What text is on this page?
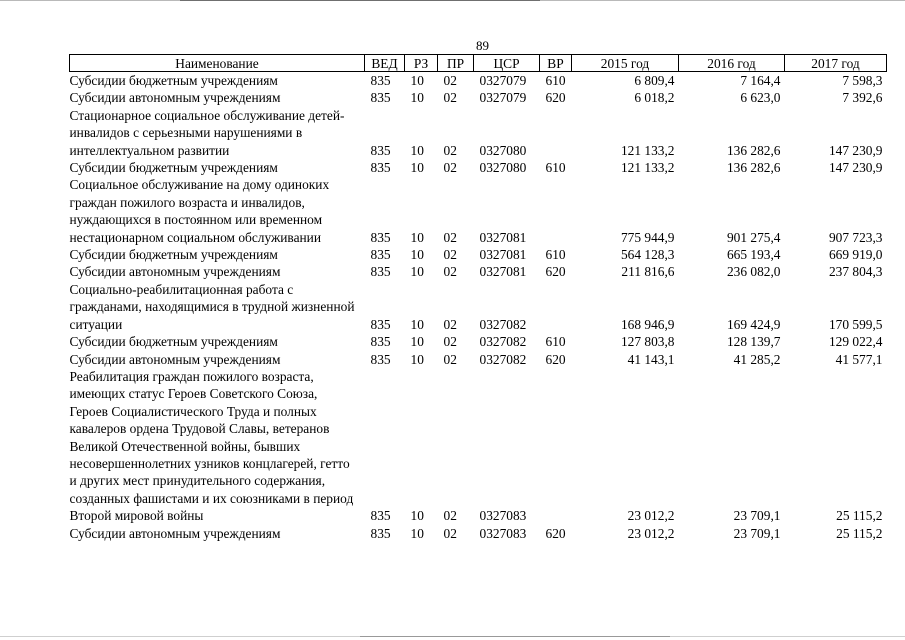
89
Наименование	ВЕД	РЗ	ПР	ЦСР	ВР	2015 год	2016 год	2017 год
Субсидии бюджетным учреждениям	835	10	02	0327079	610	6 809,4	7 164,4	7 598,3
Субсидии автономным учреждениям	835	10	02	0327079	620	6 018,2	6 623,0	7 392,6
Стационарное социальное обслуживание детей-инвалидов с серьезными нарушениями в интеллектуальном развитии	835	10	02	0327080		121 133,2	136 282,6	147 230,9
Субсидии бюджетным учреждениям	835	10	02	0327080	610	121 133,2	136 282,6	147 230,9
Социальное обслуживание на дому одиноких граждан пожилого возраста и инвалидов, нуждающихся в постоянном или временном нестационарном социальном обслуживании	835	10	02	0327081		775 944,9	901 275,4	907 723,3
Субсидии бюджетным учреждениям	835	10	02	0327081	610	564 128,3	665 193,4	669 919,0
Субсидии автономным учреждениям	835	10	02	0327081	620	211 816,6	236 082,0	237 804,3
Социально-реабилитационная работа с гражданами, находящимися в трудной жизненной ситуации	835	10	02	0327082		168 946,9	169 424,9	170 599,5
Субсидии бюджетным учреждениям	835	10	02	0327082	610	127 803,8	128 139,7	129 022,4
Субсидии автономным учреждениям	835	10	02	0327082	620	41 143,1	41 285,2	41 577,1
Реабилитация граждан пожилого возраста, имеющих статус Героев Советского Союза, Героев Социалистического Труда и полных кавалеров ордена Трудовой Славы, ветеранов Великой Отечественной войны, бывших несовершеннолетних узников концлагерей, гетто и других мест принудительного содержания, созданных фашистами и их союзниками в период Второй мировой войны	835	10	02	0327083		23 012,2	23 709,1	25 115,2
Субсидии автономным учреждениям	835	10	02	0327083	620	23 012,2	23 709,1	25 115,2
